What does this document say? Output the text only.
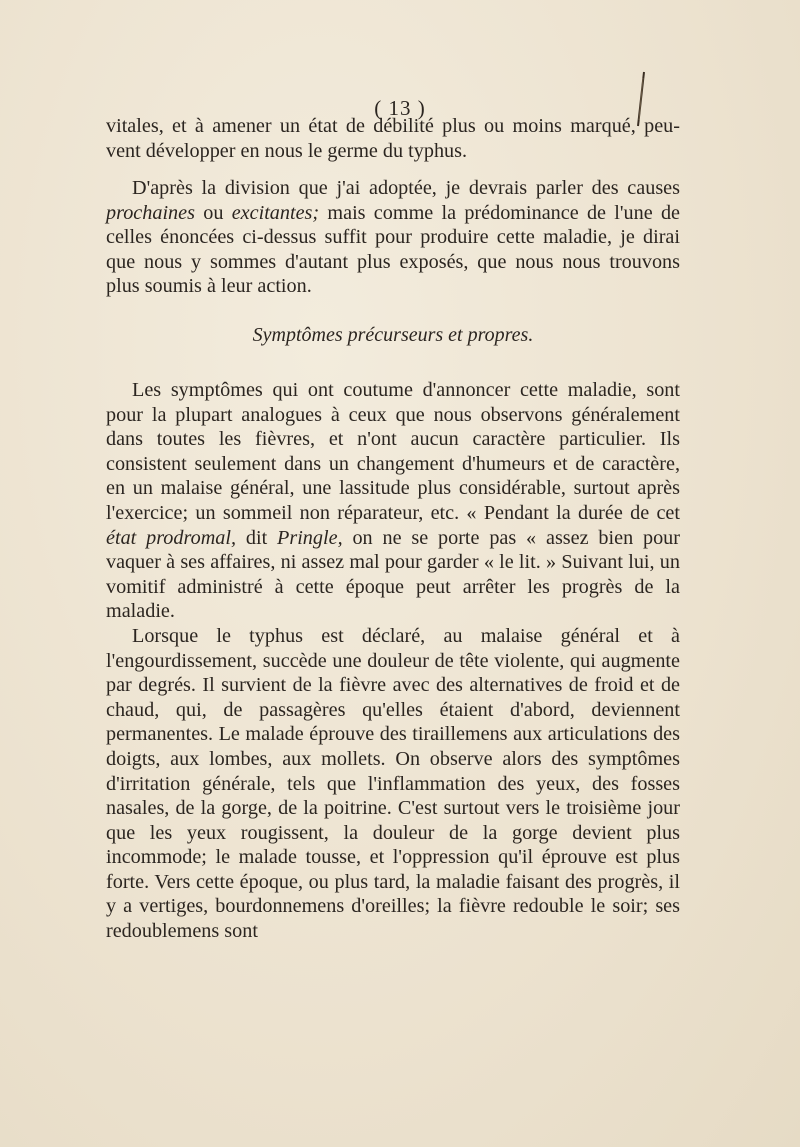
( 13 )

vitales, et à amener un état de débilité plus ou moins marqué, peu-

vent développer en nous le germe du typhus.

D'après la division que j'ai adoptée, je devrais parler des causes prochaines ou excitantes; mais comme la prédominance de l'une de celles énoncées ci-dessus suffit pour produire cette maladie, je dirai que nous y sommes d'autant plus exposés, que nous nous trouvons plus soumis à leur action.

Symptômes précurseurs et propres.

Les symptômes qui ont coutume d'annoncer cette maladie, sont pour la plupart analogues à ceux que nous observons généralement dans toutes les fièvres, et n'ont aucun caractère particulier. Ils consistent seulement dans un changement d'humeurs et de caractère, en un malaise général, une lassitude plus considérable, surtout après l'exercice; un sommeil non réparateur, etc. « Pendant la durée de cet état prodromal, dit Pringle, on ne se porte pas « assez bien pour vaquer à ses affaires, ni assez mal pour garder « le lit. » Suivant lui, un vomitif administré à cette époque peut arrêter les progrès de la maladie.

Lorsque le typhus est déclaré, au malaise général et à l'engourdissement, succède une douleur de tête violente, qui augmente par degrés. Il survient de la fièvre avec des alternatives de froid et de chaud, qui, de passagères qu'elles étaient d'abord, deviennent permanentes. Le malade éprouve des tiraillemens aux articulations des doigts, aux lombes, aux mollets. On observe alors des symptômes d'irritation générale, tels que l'inflammation des yeux, des fosses nasales, de la gorge, de la poitrine. C'est surtout vers le troisième jour que les yeux rougissent, la douleur de la gorge devient plus incommode; le malade tousse, et l'oppression qu'il éprouve est plus forte. Vers cette époque, ou plus tard, la maladie faisant des progrès, il y a vertiges, bourdonnemens d'oreilles; la fièvre redouble le soir; ses redoublemens sont
